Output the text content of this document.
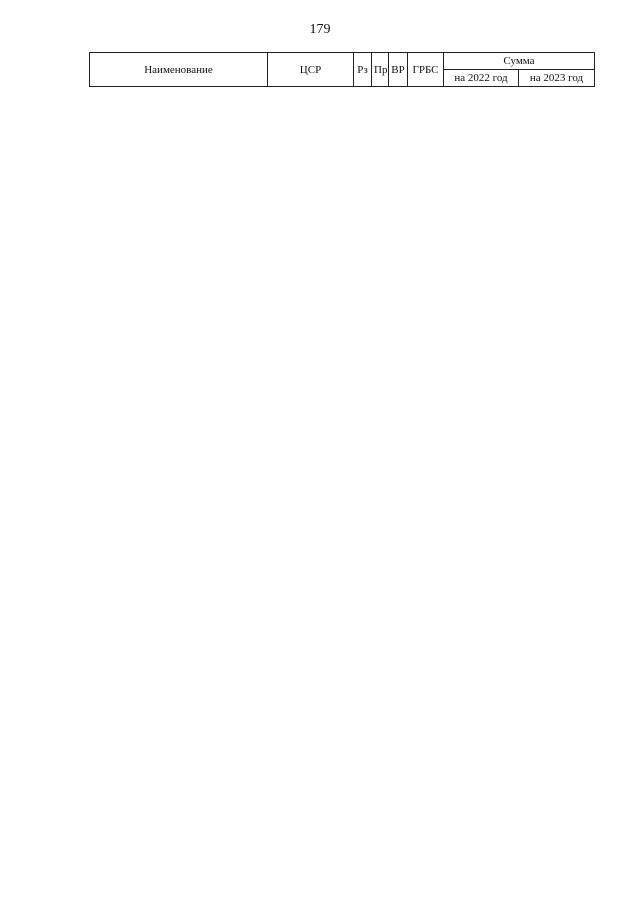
179
Наименование	ЦСР	Рз	Пр	ВР	ГРБС	Сумма	
						на 2022 год	на 2023 год
